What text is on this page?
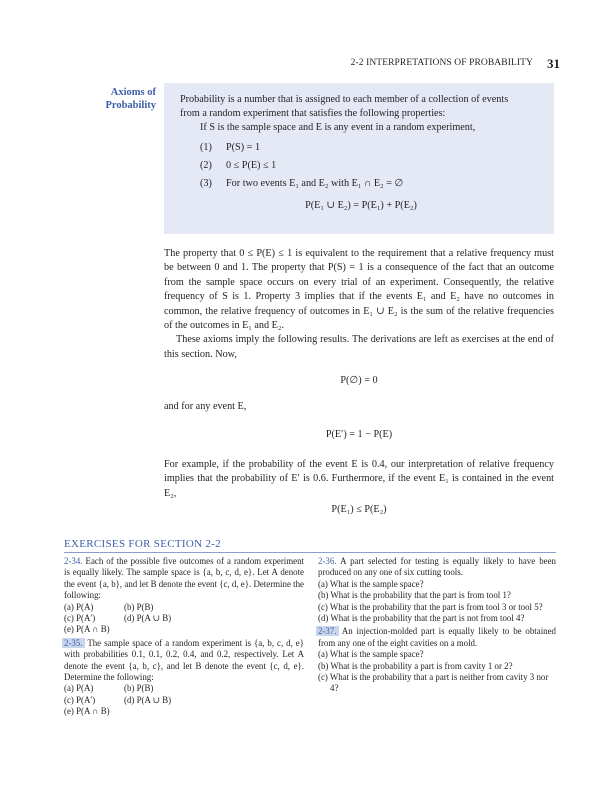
2-2 INTERPRETATIONS OF PROBABILITY 31
Axioms of
Probability

Probability is a number that is assigned to each member of a collection of events

from a random experiment that satisfies the following properties:

If S is the sample space and E is any event in a random experiment,

(1)	P(S) = 1
(2)	0 ≤ P(E) ≤ 1
(3)	For two events E₁ and E₂ with E₁ ∩ E₂ = ∅

P(E₁ ∪ E₂) = P(E₁) + P(E₂)

The property that 0 ≤ P(E) ≤ 1 is equivalent to the requirement that a relative frequency must be between 0 and 1. The property that P(S) = 1 is a consequence of the fact that an outcome from the sample space occurs on every trial of an experiment. Consequently, the relative frequency of S is 1. Property 3 implies that if the events E₁ and E₂ have no outcomes in common, the relative frequency of outcomes in E₁ ∪ E₂ is the sum of the relative frequencies of the outcomes in E₁ and E₂.

These axioms imply the following results. The derivations are left as exercises at the end of this section. Now,

P(∅) = 0
and for any event E,
P(E′) = 1 − P(E)
For example, if the probability of the event E is 0.4, our interpretation of relative frequency implies that the probability of E′ is 0.6. Furthermore, if the event E₁ is contained in the event E₂,
P(E₁) ≤ P(E₂)
EXERCISES FOR SECTION 2-2
2-34. Each of the possible five outcomes of a random experiment is equally likely. The sample space is {a, b, c, d, e}. Let A denote the event {a, b}, and let B denote the event {c, d, e}. Determine the following:
(a) P(A)	(b) P(B)
(c) P(A′)	(d) P(A ∪ B)
(e) P(A ∩ B)
2-35. The sample space of a random experiment is {a, b, c, d, e} with probabilities 0.1, 0.1, 0.2, 0.4, and 0.2, respectively. Let A denote the event {a, b, c}, and let B denote the event {c, d, e}. Determine the following:
(a) P(A)	(b) P(B)
(c) P(A′)	(d) P(A ∪ B)
(e) P(A ∩ B)
2-36. A part selected for testing is equally likely to have been produced on any one of six cutting tools.
(a) What is the sample space?
(b) What is the probability that the part is from tool 1?
(c) What is the probability that the part is from tool 3 or tool 5?
(d) What is the probability that the part is not from tool 4?
2-37. An injection-molded part is equally likely to be obtained from any one of the eight cavities on a mold.
(a) What is the sample space?
(b) What is the probability a part is from cavity 1 or 2?
(c) What is the probability that a part is neither from cavity 3 nor 4?
